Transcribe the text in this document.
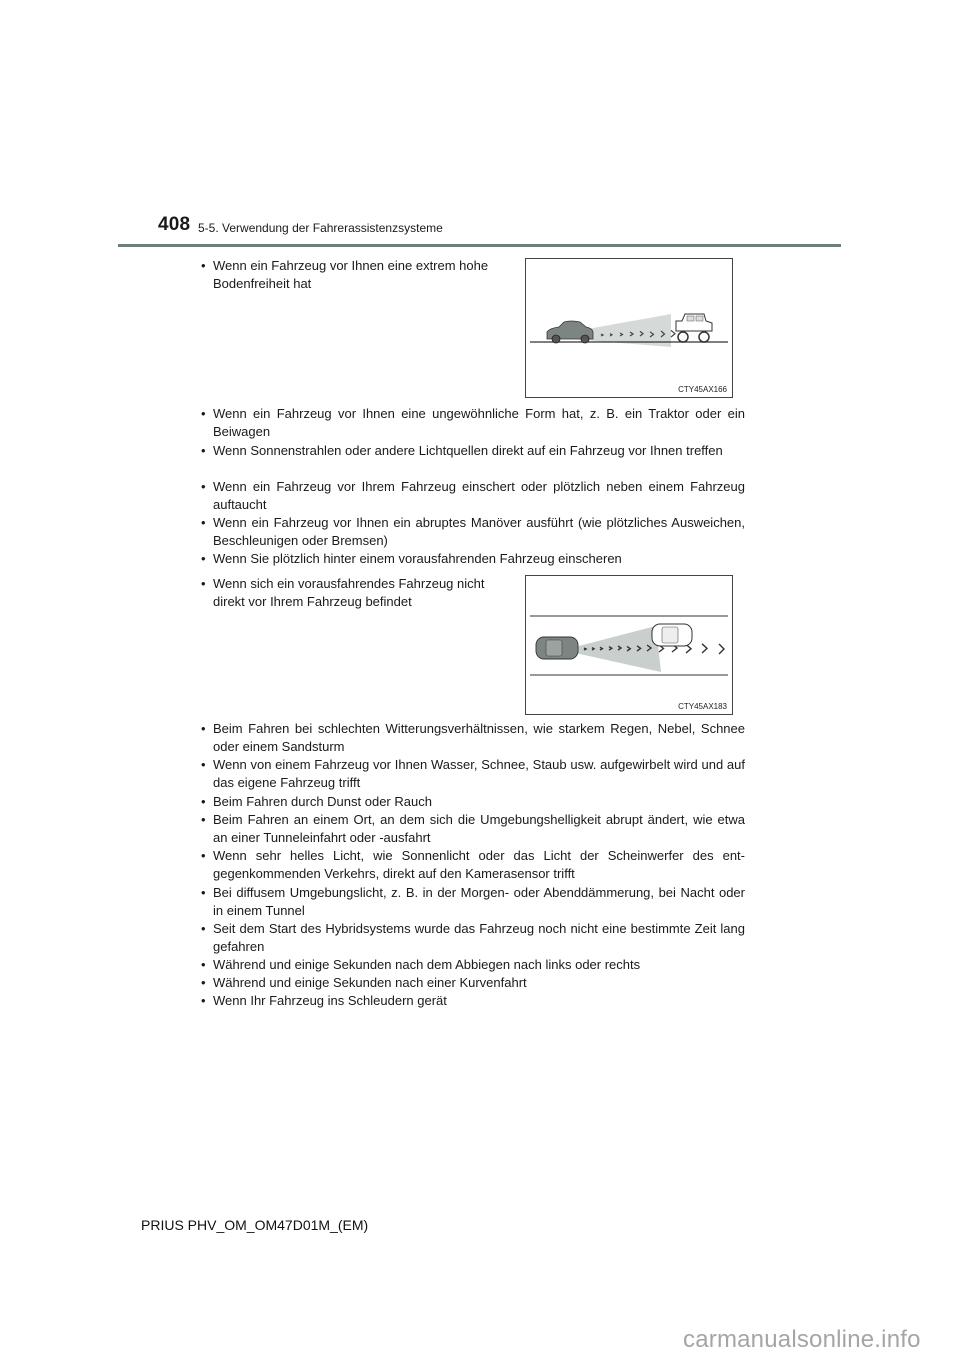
408 5-5. Verwendung der Fahrerassistenzsysteme
• Wenn ein Fahrzeug vor Ihnen eine extrem hohe Bodenfreiheit hat
CTY45AX166
• Wenn ein Fahrzeug vor Ihnen eine ungewöhnliche Form hat, z. B. ein Traktor oder ein Beiwagen
• Wenn Sonnenstrahlen oder andere Lichtquellen direkt auf ein Fahrzeug vor Ihnen treffen
• Wenn ein Fahrzeug vor Ihrem Fahrzeug einschert oder plötzlich neben einem Fahrzeug auftaucht
• Wenn ein Fahrzeug vor Ihnen ein abruptes Manöver ausführt (wie plötzliches Ausweichen, Beschleunigen oder Bremsen)
• Wenn Sie plötzlich hinter einem vorausfahrenden Fahrzeug einscheren
• Wenn sich ein vorausfahrendes Fahrzeug nicht direkt vor Ihrem Fahrzeug befindet
CTY45AX183
• Beim Fahren bei schlechten Witterungsverhältnissen, wie starkem Regen, Nebel, Schnee oder einem Sandsturm
• Wenn von einem Fahrzeug vor Ihnen Wasser, Schnee, Staub usw. aufgewirbelt wird und auf das eigene Fahrzeug trifft
• Beim Fahren durch Dunst oder Rauch
• Beim Fahren an einem Ort, an dem sich die Umgebungshelligkeit abrupt ändert, wie etwa an einer Tunneleinfahrt oder -ausfahrt
• Wenn sehr helles Licht, wie Sonnenlicht oder das Licht der Scheinwerfer des ent-gegenkommenden Verkehrs, direkt auf den Kamerasensor trifft
• Bei diffusem Umgebungslicht, z. B. in der Morgen- oder Abenddämmerung, bei Nacht oder in einem Tunnel
• Seit dem Start des Hybridsystems wurde das Fahrzeug noch nicht eine bestimmte Zeit lang gefahren
• Während und einige Sekunden nach dem Abbiegen nach links oder rechts
• Während und einige Sekunden nach einer Kurvenfahrt
• Wenn Ihr Fahrzeug ins Schleudern gerät
PRIUS PHV_OM_OM47D01M_(EM)
carmanualsonline.info
